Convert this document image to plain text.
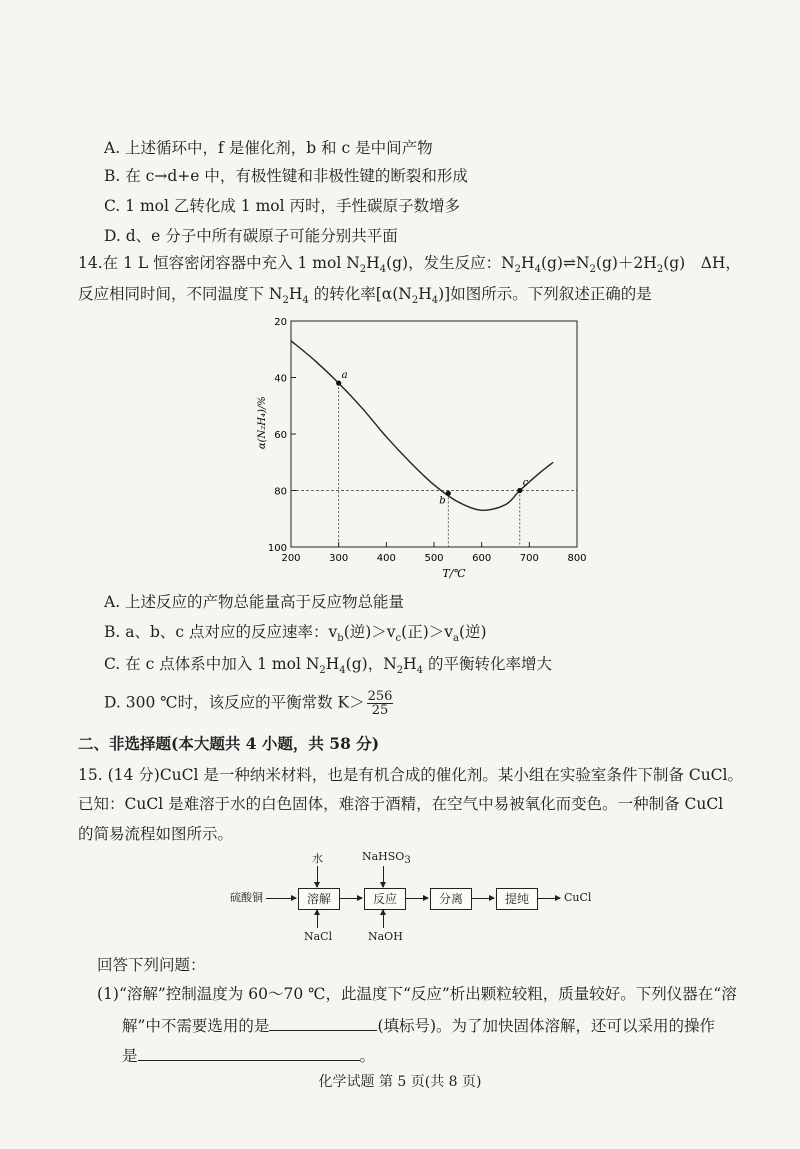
A. 上述循环中，f 是催化剂，b 和 c 是中间产物
B. 在 c→d+e 中，有极性键和非极性键的断裂和形成
C. 1 mol 乙转化成 1 mol 丙时，手性碳原子数增多
D. d、e 分子中所有碳原子可能分别共平面
14.在 1 L 恒容密闭容器中充入 1 mol $N_2H_4(g)$，发生反应：$N_2H_4(g)\rightleftharpoons N_2(g)+2H_2(g)$　ΔH，
反应相同时间，不同温度下 $N_2H_4$ 的转化率$[\alpha(N_2H_4)]$如图所示。下列叙述正确的是
200	300	400	500	600	700	800
20
40
60
80
100
a
b
c
α(N₂H₄)/%
T/℃
A. 上述反应的产物总能量高于反应物总能量
B. a、b、c 点对应的反应速率：$v_b$(逆)$>v_c$(正)$>v_a$(逆)
C. 在 c 点体系中加入 1 mol $N_2H_4(g)$，$N_2H_4$ 的平衡转化率增大
D. 300 ℃时，该反应的平衡常数 $K> \frac{256}{25}$
二、非选择题(本大题共 4 小题，共 58 分)
15. (14 分)CuCl 是一种纳米材料，也是有机合成的催化剂。某小组在实验室条件下制备 CuCl。
已知：CuCl 是难溶于水的白色固体，难溶于酒精，在空气中易被氧化而变色。一种制备 CuCl
的简易流程如图所示。
硫酸铜	溶解	反应	分离	提纯	CuCl
水
NaCl
NaHSO$_3$
NaOH
回答下列问题：
(1)“溶解”控制温度为 60～70 ℃，此温度下“反应”析出颗粒较粗，质量较好。下列仪器在“溶
解”中不需要选用的是	(填标号)。为了加快固体溶解，还可以采用的操作
是	。
化学试题 第 5 页(共 8 页)
